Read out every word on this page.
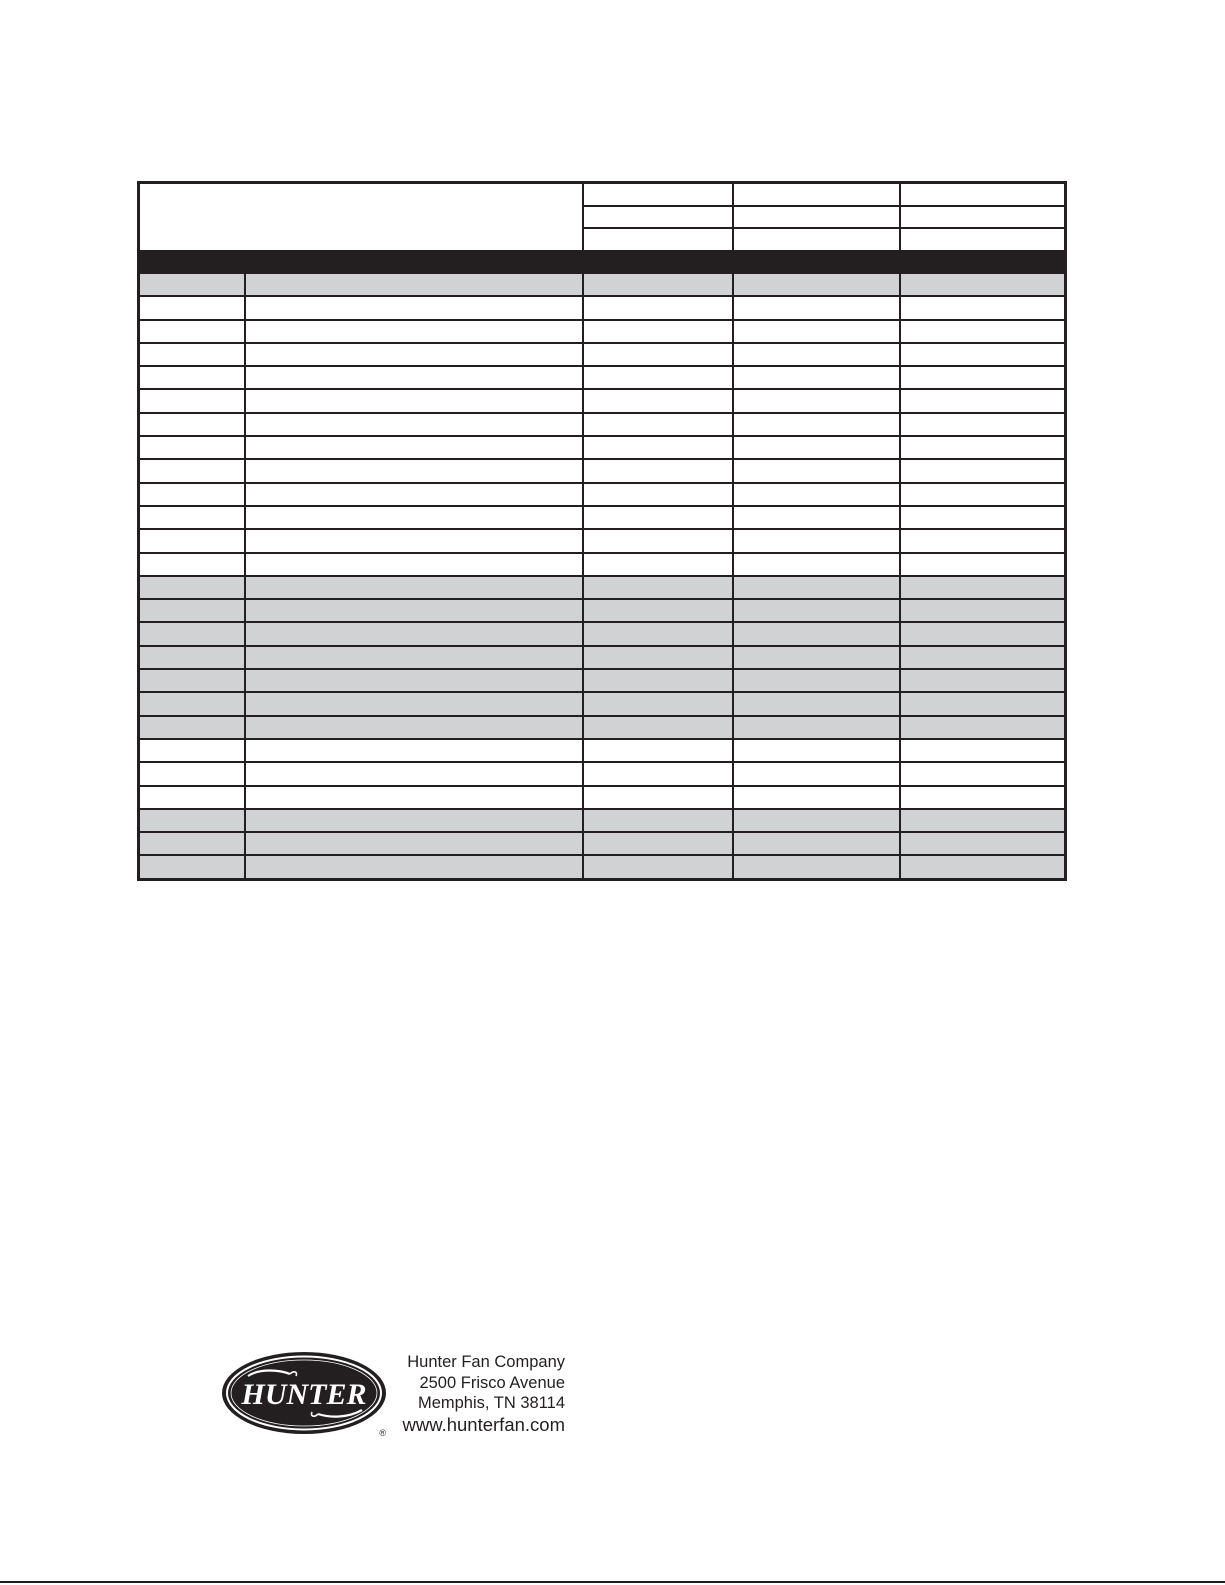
HUNTER
®
Hunter Fan Company
2500 Frisco Avenue
Memphis, TN 38114
www.hunterfan.com
